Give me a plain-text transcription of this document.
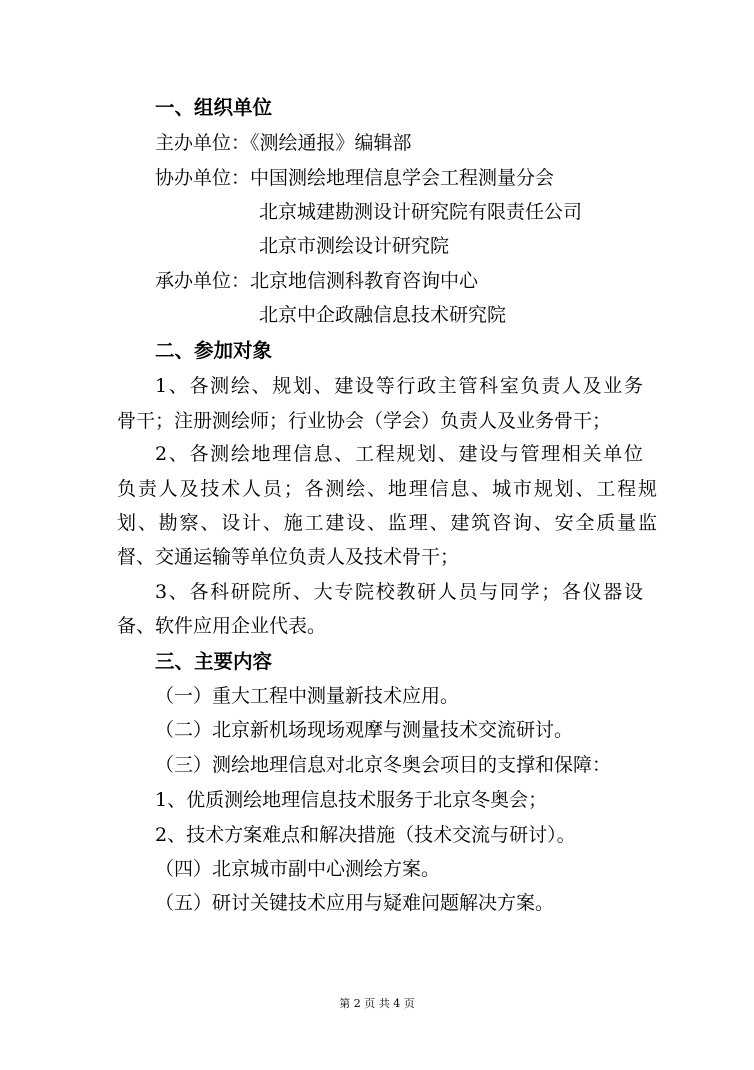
一、组织单位
主办单位：《测绘通报》编辑部
协办单位：中国测绘地理信息学会工程测量分会
北京城建勘测设计研究院有限责任公司
北京市测绘设计研究院
承办单位：北京地信测科教育咨询中心
北京中企政融信息技术研究院
二、参加对象
1、各测绘、规划、建设等行政主管科室负责人及业务
骨干；注册测绘师；行业协会（学会）负责人及业务骨干；
2、各测绘地理信息、工程规划、建设与管理相关单位
负责人及技术人员；各测绘、地理信息、城市规划、工程规
划、勘察、设计、施工建设、监理、建筑咨询、安全质量监
督、交通运输等单位负责人及技术骨干；
3、各科研院所、大专院校教研人员与同学；各仪器设
备、软件应用企业代表。
三、主要内容
（一）重大工程中测量新技术应用。
（二）北京新机场现场观摩与测量技术交流研讨。
（三）测绘地理信息对北京冬奥会项目的支撑和保障：
1、优质测绘地理信息技术服务于北京冬奥会；
2、技术方案难点和解决措施（技术交流与研讨）。
（四）北京城市副中心测绘方案。
（五）研讨关键技术应用与疑难问题解决方案。
第 2 页 共 4 页
